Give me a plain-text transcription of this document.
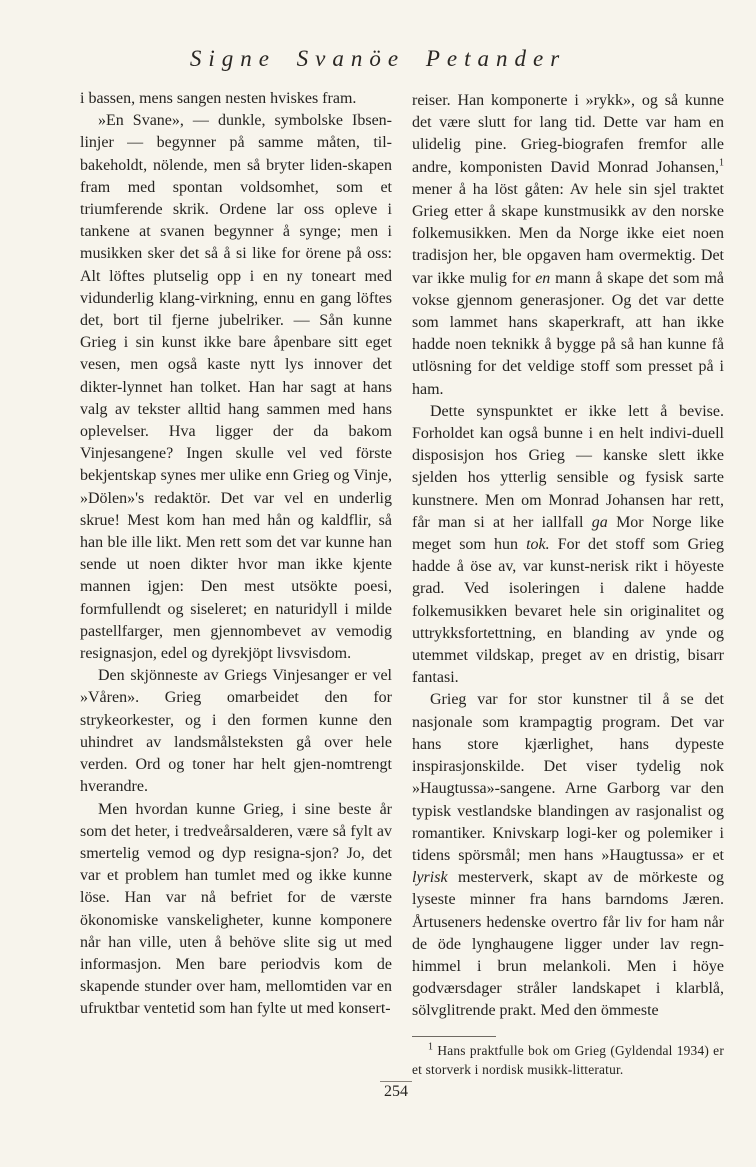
Signe Svanöe Petander

i bassen, mens sangen nesten hviskes fram.

»En Svane», — dunkle, symbolske Ibsen-linjer — begynner på samme måten, til-bakeholdt, nölende, men så bryter liden-skapen fram med spontan voldsomhet, som et triumferende skrik. Ordene lar oss opleve i tankene at svanen begynner å synge; men i musikken sker det så å si like for örene på oss: Alt löftes plutselig opp i en ny toneart med vidunderlig klang-virkning, ennu en gang löftes det, bort til fjerne jubelriker. — Sån kunne Grieg i sin kunst ikke bare åpenbare sitt eget vesen, men også kaste nytt lys innover det dikter-lynnet han tolket. Han har sagt at hans valg av tekster alltid hang sammen med hans oplevelser. Hva ligger der da bakom Vinjesangene? Ingen skulle vel ved förste bekjentskap synes mer ulike enn Grieg og Vinje, »Dölen»'s redaktör. Det var vel en underlig skrue! Mest kom han med hån og kaldflir, så han ble ille likt. Men rett som det var kunne han sende ut noen dikter hvor man ikke kjente mannen igjen: Den mest utsökte poesi, formfullendt og siseleret; en naturidyll i milde pastellfarger, men gjennombevet av vemodig resignasjon, edel og dyrekjöpt livsvisdom.

Den skjönneste av Griegs Vinjesanger er vel »Våren». Grieg omarbeidet den for strykeorkester, og i den formen kunne den uhindret av landsmålsteksten gå over hele verden. Ord og toner har helt gjen-nomtrengt hverandre.

Men hvordan kunne Grieg, i sine beste år som det heter, i tredveårsalderen, være så fylt av smertelig vemod og dyp resigna-sjon? Jo, det var et problem han tumlet med og ikke kunne löse. Han var nå befriet for de værste ökonomiske vanskeligheter, kunne komponere når han ville, uten å behöve slite sig ut med informasjon. Men bare periodvis kom de skapende stunder over ham, mellomtiden var en ufruktbar ventetid som han fylte ut med konsert-

reiser. Han komponerte i »rykk», og så kunne det være slutt for lang tid. Dette var ham en ulidelig pine. Grieg-biografen fremfor alle andre, komponisten David Monrad Johansen,$^1$ mener å ha löst gåten: Av hele sin sjel traktet Grieg etter å skape kunstmusikk av den norske folkemusikken. Men da Norge ikke eiet noen tradisjon her, ble opgaven ham overmektig. Det var ikke mulig for en mann å skape det som må vokse gjennom generasjoner. Og det var dette som lammet hans skaperkraft, att han ikke hadde noen teknikk å bygge på så han kunne få utlösning for det veldige stoff som presset på i ham.

Dette synspunktet er ikke lett å bevise. Forholdet kan også bunne i en helt indivi-duell disposisjon hos Grieg — kanske slett ikke sjelden hos ytterlig sensible og fysisk sarte kunstnere. Men om Monrad Johansen har rett, får man si at her iallfall ga Mor Norge like meget som hun tok. For det stoff som Grieg hadde å öse av, var kunst-nerisk rikt i höyeste grad. Ved isoleringen i dalene hadde folkemusikken bevaret hele sin originalitet og uttrykksfortettning, en blanding av ynde og utemmet vildskap, preget av en dristig, bisarr fantasi.

Grieg var for stor kunstner til å se det nasjonale som krampagtig program. Det var hans store kjærlighet, hans dypeste inspirasjonskilde. Det viser tydelig nok »Haugtussa»-sangene. Arne Garborg var den typisk vestlandske blandingen av rasjonalist og romantiker. Knivskarp logi-ker og polemiker i tidens spörsmål; men hans »Haugtussa» er et lyrisk mesterverk, skapt av de mörkeste og lyseste minner fra hans barndoms Jæren. Årtuseners hedenske overtro får liv for ham når de öde lynghaugene ligger under lav regn-himmel i brun melankoli. Men i höye godværsdager stråler landskapet i klarblå, sölvglitrende prakt. Med den ömmeste

$^1$ Hans praktfulle bok om Grieg (Gyldendal 1934) er et storverk i nordisk musikk-litteratur.
254
